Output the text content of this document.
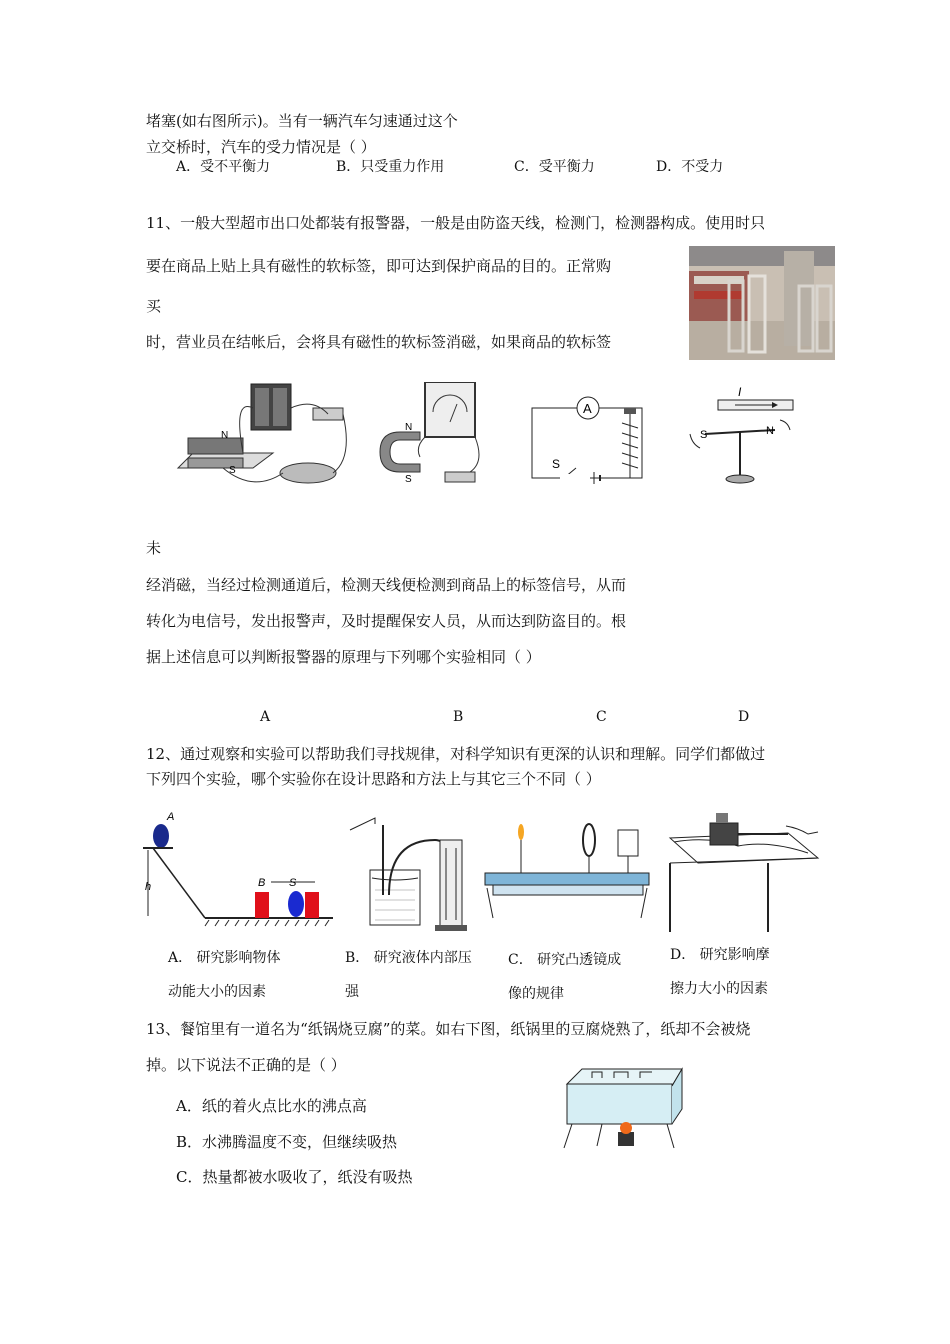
堵塞(如右图所示)。当有一辆汽车匀速通过这个
立交桥时，汽车的受力情况是（ ）
A．受不平衡力	B．只受重力作用	C．受平衡力	D．不受力
11、一般大型超市出口处都装有报警器，一般是由防盗天线，检测门，检测器构成。使用时只
要在商品上贴上具有磁性的软标签，即可达到保护商品的目的。正常购
买
时，营业员在结帐后，会将具有磁性的软标签消磁，如果商品的软标签
N
S
N
S
A
S
I
S	N
未
经消磁，当经过检测通道后，检测天线便检测到商品上的标签信号，从而
转化为电信号，发出报警声，及时提醒保安人员，从而达到防盗目的。根
据上述信息可以判断报警器的原理与下列哪个实验相同（ ）
A	B	C	D
12、通过观察和实验可以帮助我们寻找规律，对科学知识有更深的认识和理解。同学们都做过
下列四个实验，哪个实验你在设计思路和方法上与其它三个不同（ ）
A
h	B S
A． 研究影响物体
动能大小的因素
B． 研究液体内部压
强
C． 研究凸透镜成
像的规律
D． 研究影响摩
擦力大小的因素
13、餐馆里有一道名为“纸锅烧豆腐”的菜。如右下图，纸锅里的豆腐烧熟了，纸却不会被烧
掉。以下说法不正确的是（ ）
A．纸的着火点比水的沸点高
B．水沸腾温度不变，但继续吸热
C．热量都被水吸收了，纸没有吸热
